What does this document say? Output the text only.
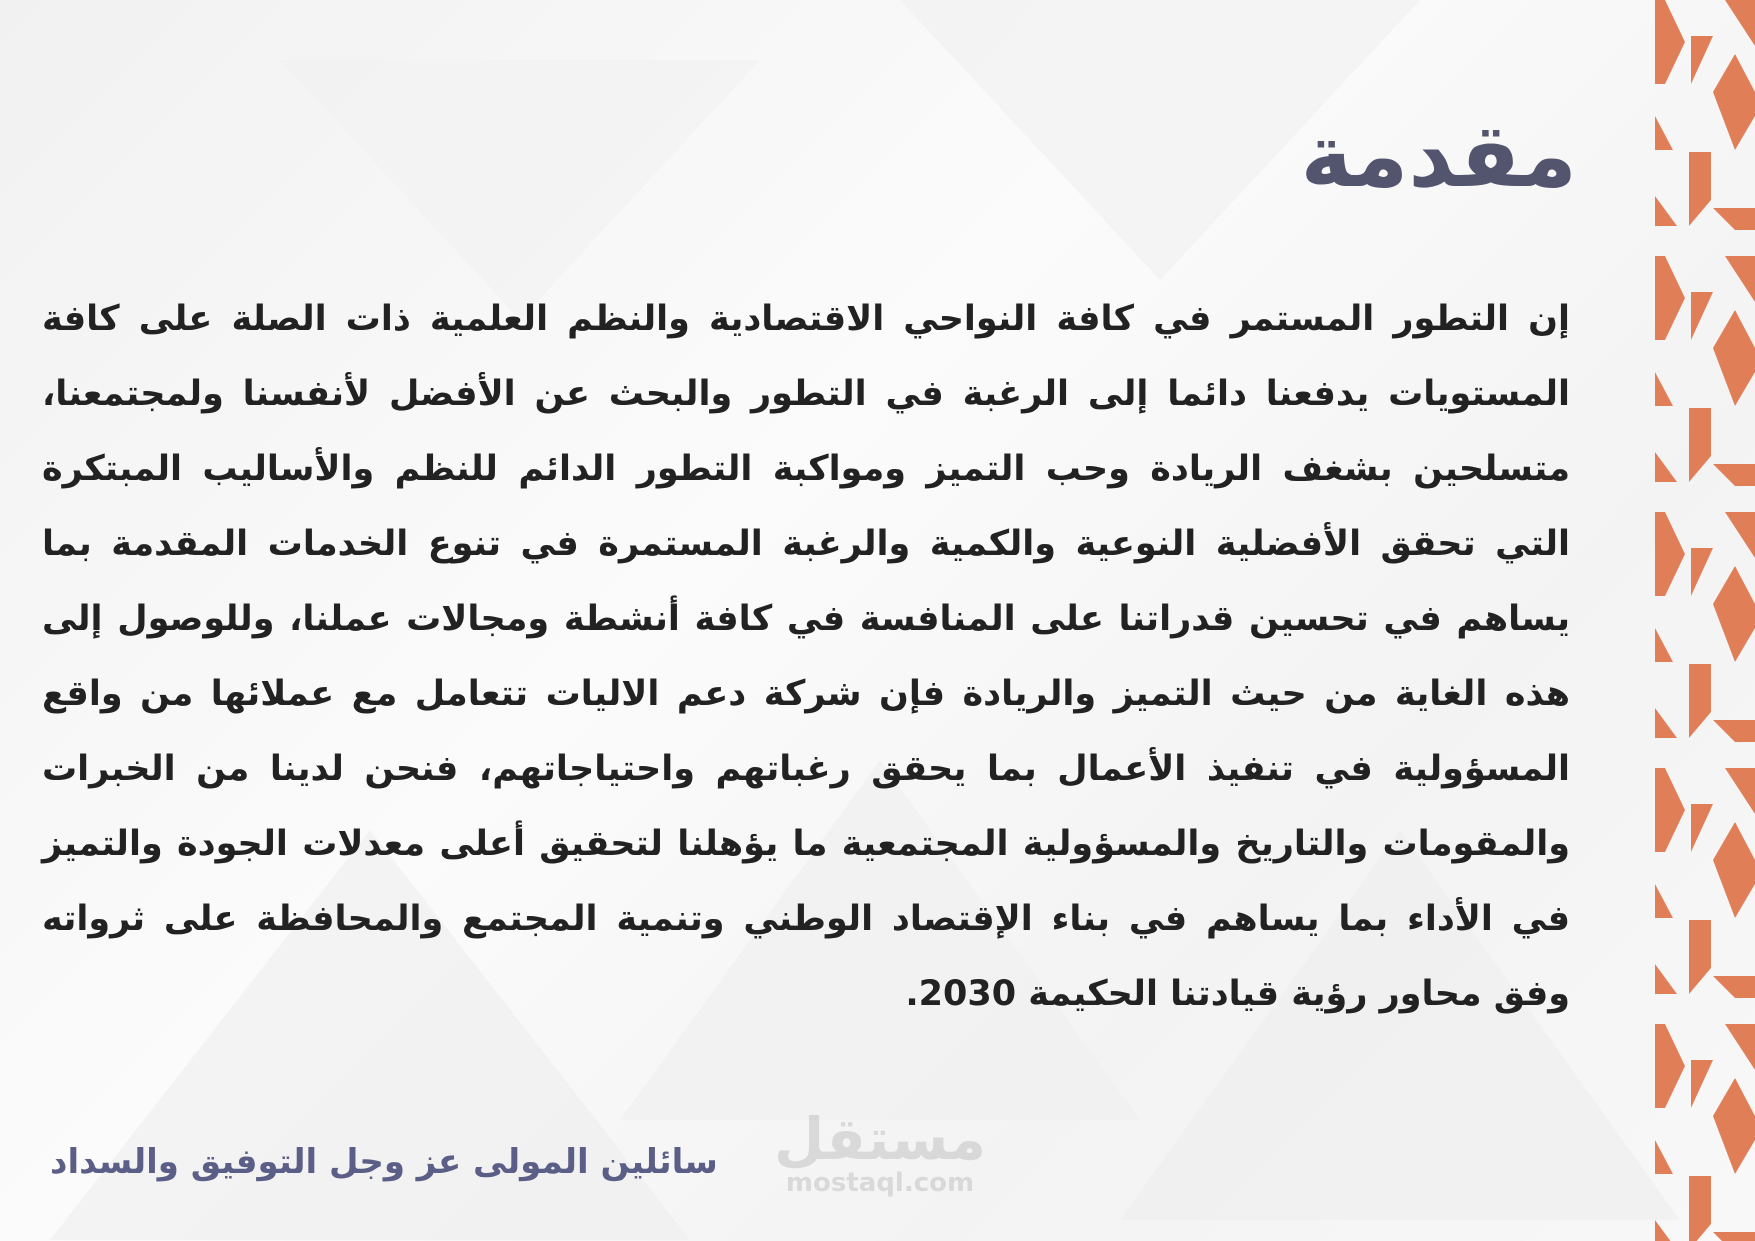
مقدمة

إن التطور المستمر في كافة النواحي الاقتصادية والنظم العلمية ذات الصلة على كافة المستويات يدفعنا دائما إلى الرغبة في التطور والبحث عن الأفضل لأنفسنا ولمجتمعنا، متسلحين بشغف الريادة وحب التميز ومواكبة التطور الدائم للنظم والأساليب المبتكرة التي تحقق الأفضلية النوعية والكمية والرغبة المستمرة في تنوع الخدمات المقدمة بما يساهم في تحسين قدراتنا على المنافسة في كافة أنشطة ومجالات عملنا، وللوصول إلى هذه الغاية من حيث التميز والريادة فإن شركة دعم الاليات تتعامل مع عملائها من واقع المسؤولية في تنفيذ الأعمال بما يحقق رغباتهم واحتياجاتهم، فنحن لدينا من الخبرات والمقومات والتاريخ والمسؤولية المجتمعية ما يؤهلنا لتحقيق أعلى معدلات الجودة والتميز في الأداء بما يساهم في بناء الإقتصاد الوطني وتنمية المجتمع والمحافظة على ثرواته وفق محاور رؤية قيادتنا الحكيمة 2030.

سائلين المولى عز وجل التوفيق والسداد مستقل
mostaql.com
